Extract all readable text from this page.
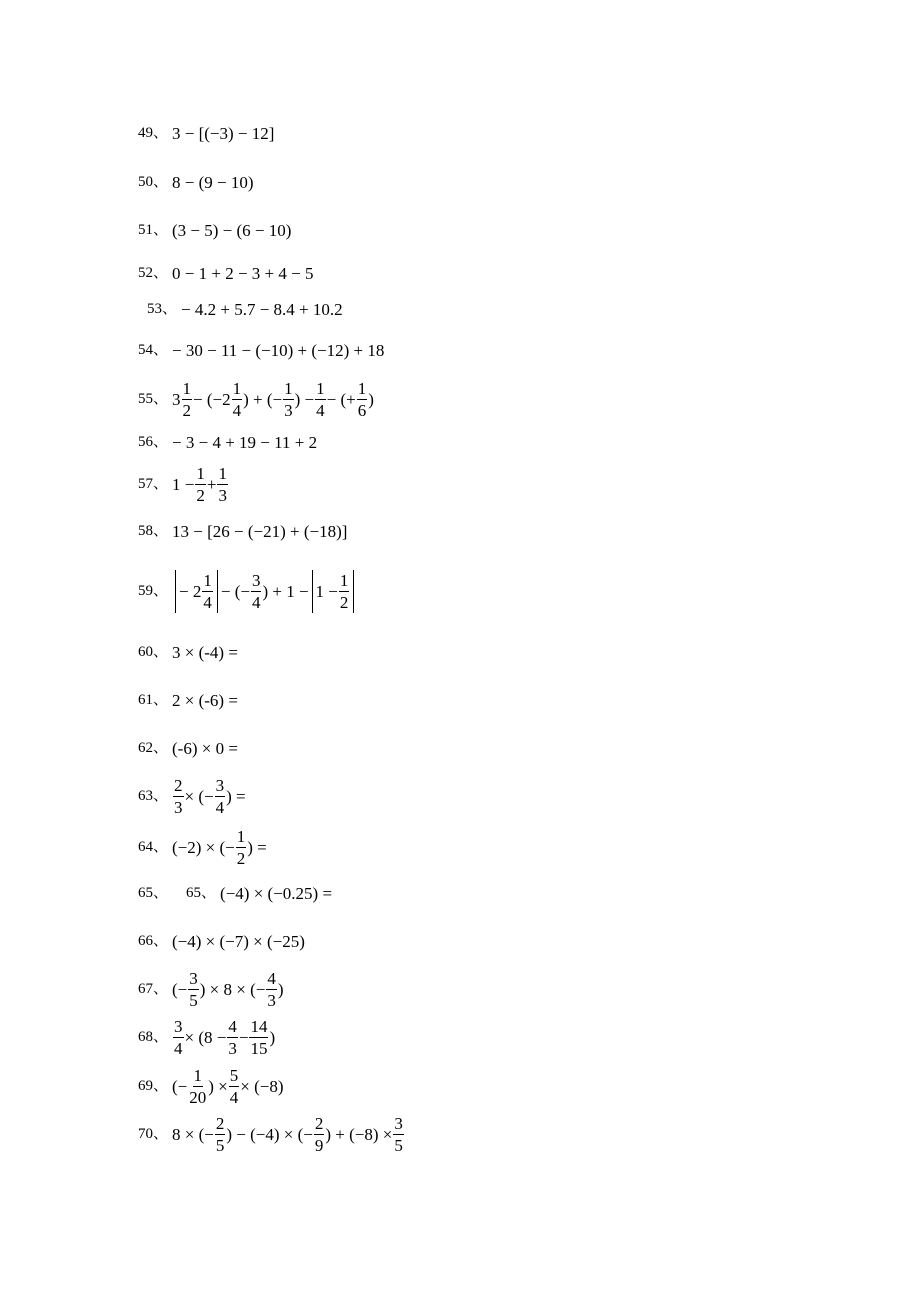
49、 3 − [(−3) − 12]
50、 8 − (9 − 10)
51、 (3 − 5) − (6 − 10)
52、 0 − 1 + 2 − 3 + 4 − 5
53、 − 4.2 + 5.7 − 8.4 + 10.2
54、 − 30 − 11 − (−10) + (−12) + 18
55、 $3 \frac{1}{2} - (-2 \frac{1}{4}$ ) + (− $\frac{1}{3}$ ) − $\frac{1}{4}$ − (+ $\frac{1}{6}$ )
56、 − 3 − 4 + 19 − 11 + 2
57、 $1 - \frac{1}{2} + \frac{1}{3}$
58、 13 − [26 − (−21) + (−18)]
59、 − $2 \frac{1}{4}$ − (− $\frac{3}{4}$ ) + $1 - 1 - \frac{1}{2}$
60、 3 × (-4) =
61、 2 × (-6) =
62、 (-6) × 0 =
63、 $\frac{2}{3}$ × (− $\frac{3}{4}$ ) =
64、 (−2) × (− $\frac{1}{2}$ ) =
65、 65、 (−4) × (−0.25) =
66、 (−4) × (−7) × (−25)
67、 (− $\frac{3}{5}$ ) × 8 × (− $\frac{4}{3}$ )
68、 $\frac{3}{4} \times (8 - \frac{4}{3} - \frac{14}{15}$ )
69、 (− $\frac{1}{20}$ ) × $\frac{5}{4} \times (-8)$
70、 8 × (− $\frac{2}{5}$ ) − (−4) × (− $\frac{2}{9}$ ) + $(-8) \times \frac{3}{5}$
